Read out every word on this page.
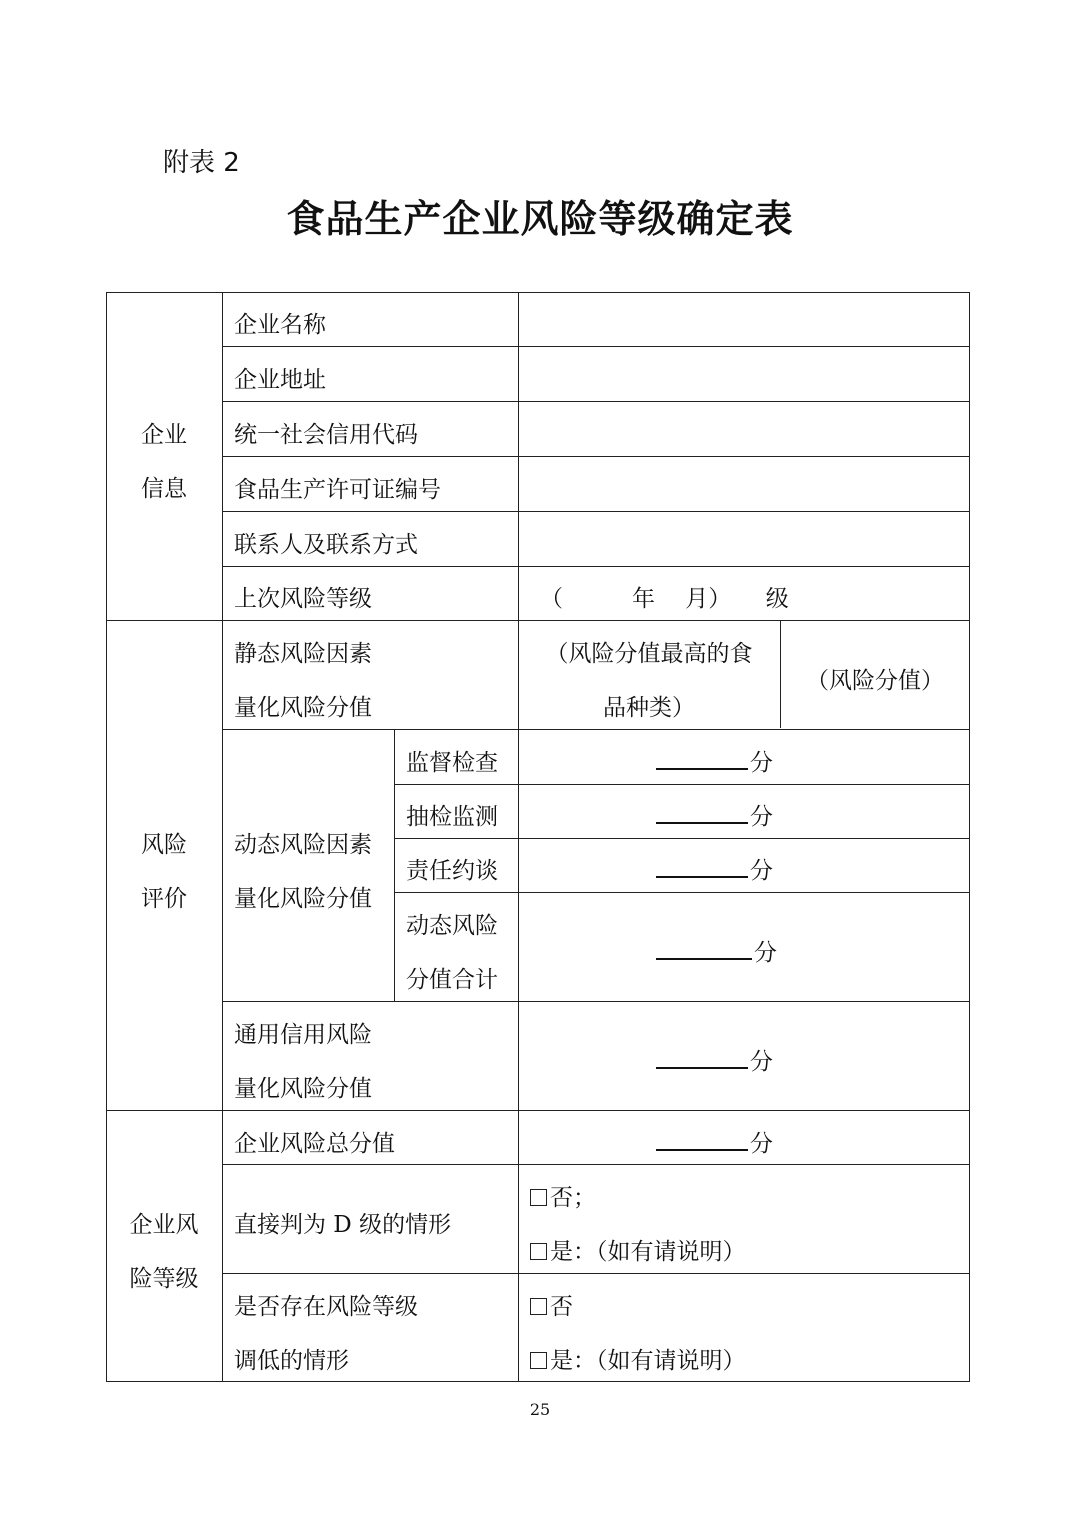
附表 2
食品生产企业风险等级确定表
企业
信息
风险
评价
企业风
险等级
企业名称
企业地址
统一社会信用代码
食品生产许可证编号
联系人及联系方式
上次风险等级	（　　　年　 月）　　级
静态风险因素
量化风险分值
（风险分值最高的食
品种类）
（风险分值）
动态风险因素
量化风险分值
监督检查
抽检监测
责任约谈
动态风险
分值合计
分
分
分
分
通用信用风险
量化风险分值
分
企业风险总分值	分
直接判为 D 级的情形
否；
是：（如有请说明）
是否存在风险等级
调低的情形
否
是：（如有请说明）
25
